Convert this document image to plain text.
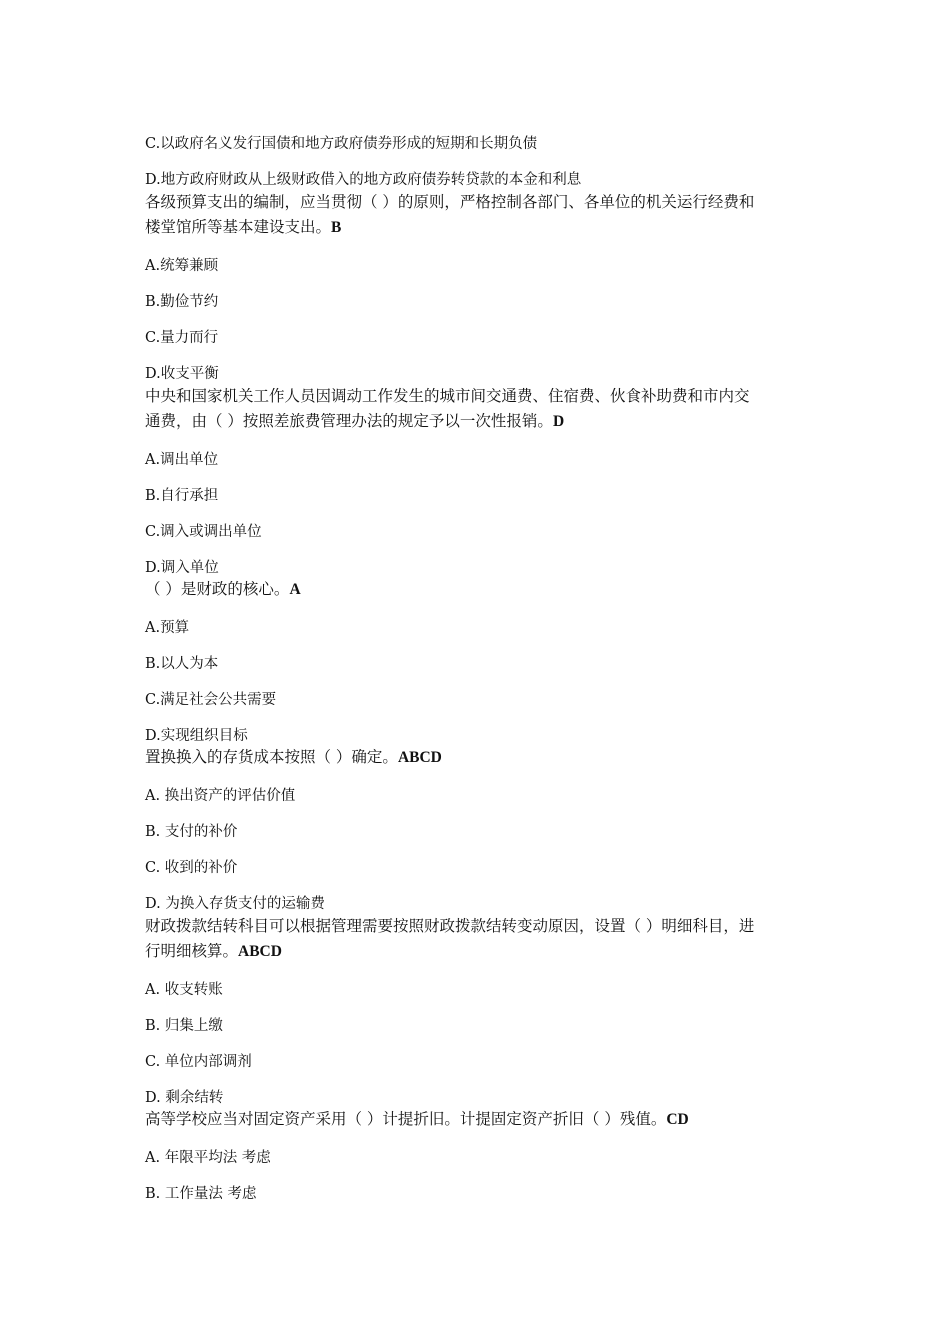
C.以政府名义发行国债和地方政府债券形成的短期和长期负债
D.地方政府财政从上级财政借入的地方政府债券转贷款的本金和利息
各级预算支出的编制，应当贯彻（ ）的原则，严格控制各部门、各单位的机关运行经费和
楼堂馆所等基本建设支出。B
A.统筹兼顾
B.勤俭节约
C.量力而行
D.收支平衡
中央和国家机关工作人员因调动工作发生的城市间交通费、住宿费、伙食补助费和市内交
通费，由（ ）按照差旅费管理办法的规定予以一次性报销。D
A.调出单位
B.自行承担
C.调入或调出单位
D.调入单位
（ ）是财政的核心。A
A.预算
B.以人为本
C.满足社会公共需要
D.实现组织目标
置换换入的存货成本按照（ ）确定。ABCD
A. 换出资产的评估价值
B. 支付的补价
C. 收到的补价
D. 为换入存货支付的运输费
财政拨款结转科目可以根据管理需要按照财政拨款结转变动原因，设置（ ）明细科目，进
行明细核算。ABCD
A. 收支转账
B. 归集上缴
C. 单位内部调剂
D. 剩余结转
高等学校应当对固定资产采用（ ）计提折旧。计提固定资产折旧（ ）残值。CD
A. 年限平均法 考虑
B. 工作量法 考虑
